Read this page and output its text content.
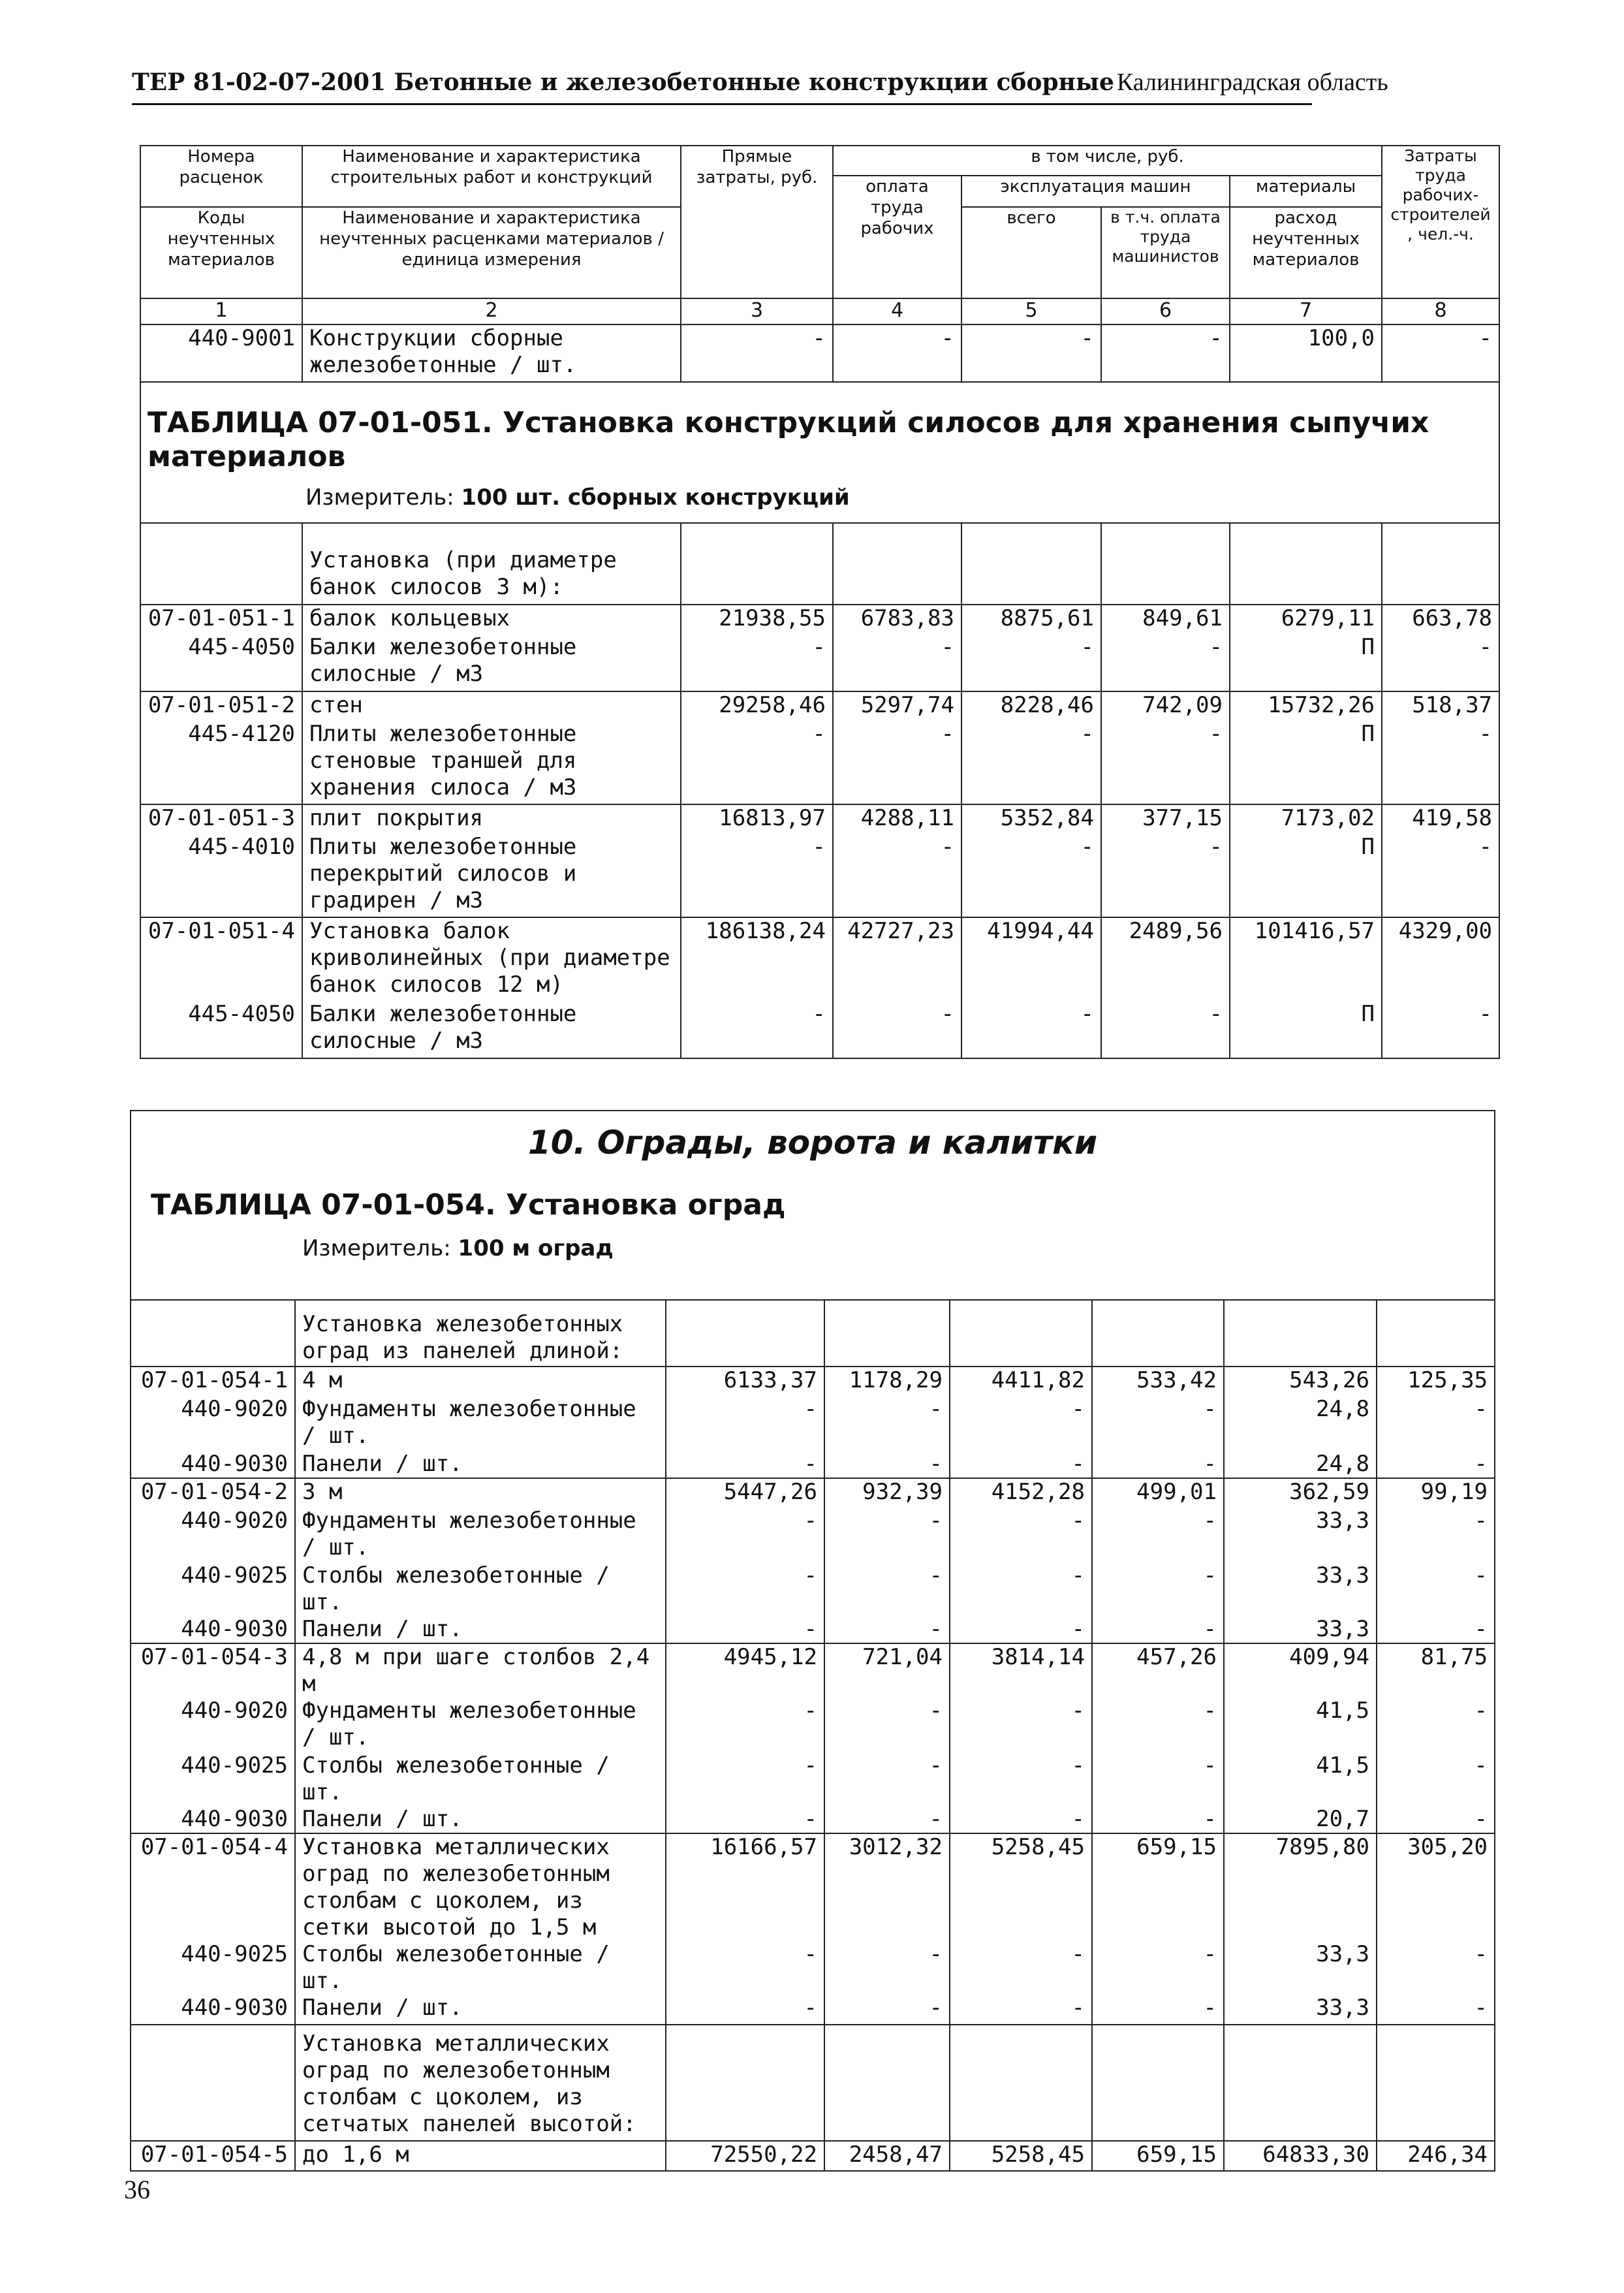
ТЕР 81-02-07-2001 Бетонные и железобетонные конструкции сборные Калининградская область
Номера расценок	Наименование и характеристика строительных работ и конструкций	Прямые затраты, руб.	в том числе, руб.				Затраты труда рабочих-строителей, чел.-ч.
			оплата труда рабочих	эксплуатация машин		материалы	
Коды неучтенных материалов	Наименование и характеристика неучтенных расценками материалов / единица измерения			всего	в т.ч. оплата труда машинистов	расход неучтенных материалов	
1	2	3	4	5	6	7	8
440-9001	Конструкции сборные железобетонные / шт.	-	-	-	-	100,0	-

ТАБЛИЦА 07-01-051. Установка конструкций силосов для хранения сыпучих материалов
Измеритель: 100 шт. сборных конструкций							

	Установка (при диаметре банок силосов 3 м):						
07-01-051-1	балок кольцевых	21938,55	6783,83	8875,61	849,61	6279,11	663,78
445-4050	Балки железобетонные силосные / м3	-	-	-	-	П	-
07-01-051-2	стен	29258,46	5297,74	8228,46	742,09	15732,26	518,37
445-4120	Плиты железобетонные стеновые траншей для хранения силоса / м3	-	-	-	-	П	-
07-01-051-3	плит покрытия	16813,97	4288,11	5352,84	377,15	7173,02	419,58
445-4010	Плиты железобетонные перекрытий силосов и градирен / м3	-	-	-	-	П	-
07-01-051-4	Установка балок криволинейных (при диаметре банок силосов 12 м)	186138,24	42727,23	41994,44	2489,56	101416,57	4329,00
445-4050	Балки железобетонные силосные / м3	-	-	-	-	П	-
10. Ограды, ворота и калитки
ТАБЛИЦА 07-01-054. Установка оград
Измеритель: 100 м оград							

	Установка железобетонных оград из панелей длиной:						
07-01-054-1	4 м	6133,37	1178,29	4411,82	533,42	543,26	125,35
440-9020	Фундаменты железобетонные / шт.	-	-	-	-	24,8	-
440-9030	Панели / шт.	-	-	-	-	24,8	-
07-01-054-2	3 м	5447,26	932,39	4152,28	499,01	362,59	99,19
440-9020	Фундаменты железобетонные / шт.	-	-	-	-	33,3	-
440-9025	Столбы железобетонные / шт.	-	-	-	-	33,3	-
440-9030	Панели / шт.	-	-	-	-	33,3	-
07-01-054-3	4,8 м при шаге столбов 2,4 м	4945,12	721,04	3814,14	457,26	409,94	81,75
440-9020	Фундаменты железобетонные / шт.	-	-	-	-	41,5	-
440-9025	Столбы железобетонные / шт.	-	-	-	-	41,5	-
440-9030	Панели / шт.	-	-	-	-	20,7	-
07-01-054-4	Установка металлических оград по железобетонным столбам с цоколем, из сетки высотой до 1,5 м	16166,57	3012,32	5258,45	659,15	7895,80	305,20
440-9025	Столбы железобетонные / шт.	-	-	-	-	33,3	-
440-9030	Панели / шт.	-	-	-	-	33,3	-
	Установка металлических оград по железобетонным столбам с цоколем, из сетчатых панелей высотой:						
07-01-054-5	до 1,6 м	72550,22	2458,47	5258,45	659,15	64833,30	246,34
36
